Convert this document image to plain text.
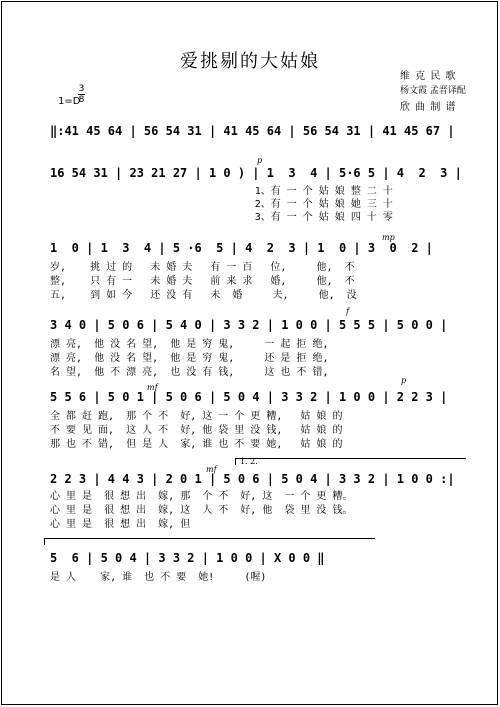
爱挑剔的大姑娘
维 克 民 歌
杨文霞 孟晋译配
欣 曲 制 谱
1=D
3
8
‖:41 45 64 | 56 54 31 | 41 45 64 | 56 54 31 | 41 45 67 |
p
16 54 31 | 23 21 27 | 1 0 ) | 1  3  4 | 5·6 5 | 4  2  3 |
1、有 一 个 姑 娘 整 二 十
2、有 一 个 姑 娘 她 三 十
3、有 一 个 姑 娘 四 十 零
mp
1  0 | 1  3  4 | 5 ·6  5 | 4  2  3 | 1  0 | 3  0  2 |
岁,    挑 过 的   未 婚 夫   有 一 百   位,     他,  不
整,    只 有 一   未 婚 夫   前 来 求   婚,     他,  不
五,    到 如 今   还 没 有   未  婚     夫,     他,  没
f
3 4 0 | 5 0 6 | 5 4 0 | 3 3 2 | 1 0 0 | 5 5 5 | 5 0 0 |
漂 亮,  他 没 名 望,  他 是 穷 鬼,     一 起 拒 绝,
漂 亮,  他 没 名 望,  他 是 穷 鬼,     还 是 拒 绝,
名 望,  他 不 漂 亮,  也 没 有 钱,     这 也 不 错,
mf
p
5 5 6 | 5 0 1 | 5 0 6 | 5 0 4 | 3 3 2 | 1 0 0 | 2 2 3 |
全 都 赶 跑,  那 个 不  好, 这 一 个 更 糟,   姑 娘 的
不 要 见 面,  这 人 不  好, 他 袋 里 没 钱,   姑 娘 的
那 也 不 错,  但 是 人  家, 谁 也 不 要 她,   姑 娘 的
1. 2.
mf
2 2 3 | 4 4 3 | 2 0 1 | 5 0 6 | 5 0 4 | 3 3 2 | 1 0 0 :|
心 里 是  很 想 出  嫁, 那  个 不  好, 这  一 个 更 糟。
心 里 是  很 想 出  嫁, 这  人 不  好, 他  袋 里 没 钱。
心 里 是  很 想 出  嫁, 但
5  6 | 5 0 4 | 3 3 2 | 1 0 0 | X 0 0 ‖
是 人    家, 谁  也 不 要  她!     (喔)
